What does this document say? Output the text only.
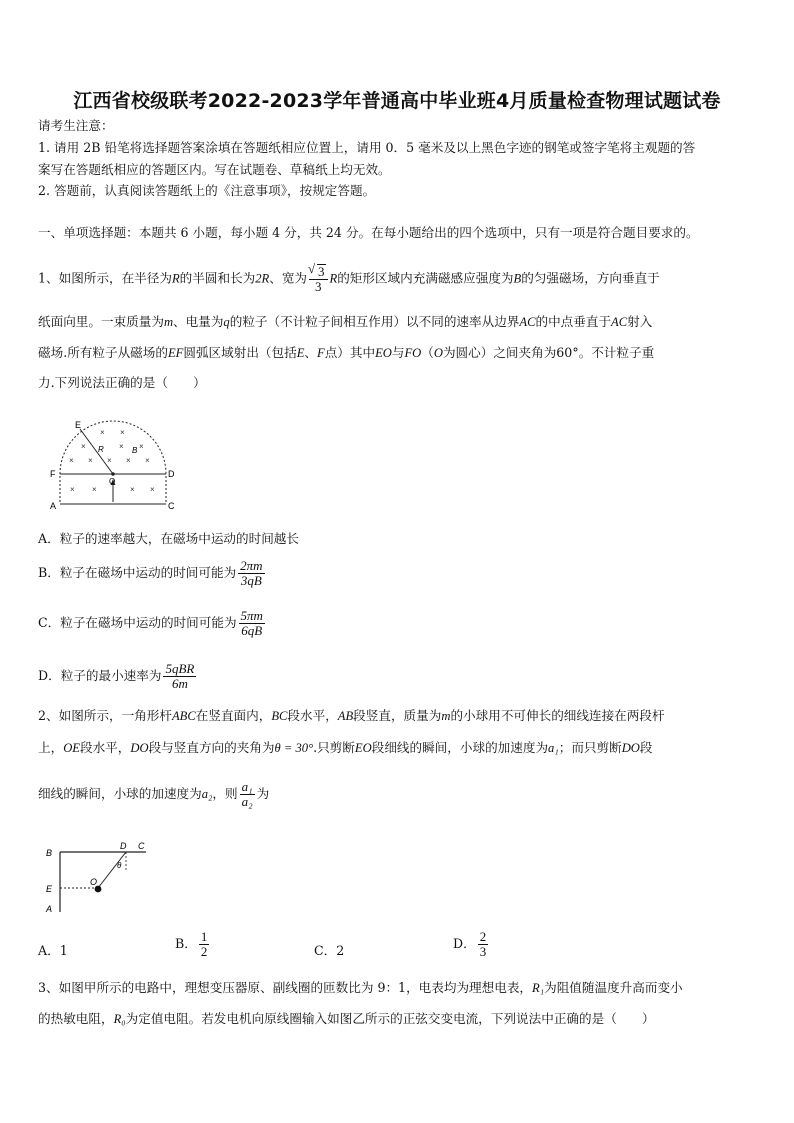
江西省校级联考2022-2023学年普通高中毕业班4月质量检查物理试题试卷
请考生注意：
1. 请用 2B 铅笔将选择题答案涂填在答题纸相应位置上，请用 0．5 毫米及以上黑色字迹的钢笔或签字笔将主观题的答
案写在答题纸相应的答题区内。写在试题卷、草稿纸上均无效。
2. 答题前，认真阅读答题纸上的《注意事项》，按规定答题。
一、单项选择题：本题共 6 小题，每小题 4 分，共 24 分。在每小题给出的四个选项中，只有一项是符合题目要求的。
1、如图所示，在半径为R的半圆和长为2R、宽为
√ $\frac{3}{3}$ R的矩形区域内充满磁感应强度为B的匀强磁场，方向垂直于
纸面向里。一束质量为m、电量为q的粒子（不计粒子间相互作用）以不同的速率从边界AC的中点垂直于AC射入
磁场.所有粒子从磁场的EF圆弧区域射出（包括E、F点）其中EO与FO（O为圆心）之间夹角为60°。不计粒子重
力.下列说法正确的是（　　）
E
F	D
A	C
O
R	B
× ×
×	× ×
× × × × ×
× ×	× ×
A．粒子的速率越大，在磁场中运动的时间越长
B．粒子在磁场中运动的时间可能为 $\frac{2\pi m}{3qB}$
C．粒子在磁场中运动的时间可能为 $\frac{5\pi m}{6qB}$
D．粒子的最小速率为 $\frac{\text{5qBR}}{6m}$
2、如图所示，一角形杆ABC在竖直面内，BC段水平，AB段竖直，质量为m的小球用不可伸长的细线连接在两段杆
上，OE段水平，DO段与竖直方向的夹角为θ = 30°.只剪断EO段细线的瞬间，小球的加速度为a₁；而只剪断DO段
细线的瞬间，小球的加速度为a₂，则 $\frac{\text{a₁}}{\text{a₂}}$ 为
B
D C
E
O
A
θ
A．1	B． $\frac{1}{2}$	C．2	D． $\frac{2}{3}$
3、如图甲所示的电路中，理想变压器原、副线圈的匝数比为 9：1，电表均为理想电表，R₁为阻值随温度升高而变小
的热敏电阻，R₀为定值电阻。若发电机向原线圈输入如图乙所示的正弦交变电流，下列说法中正确的是（　　）
